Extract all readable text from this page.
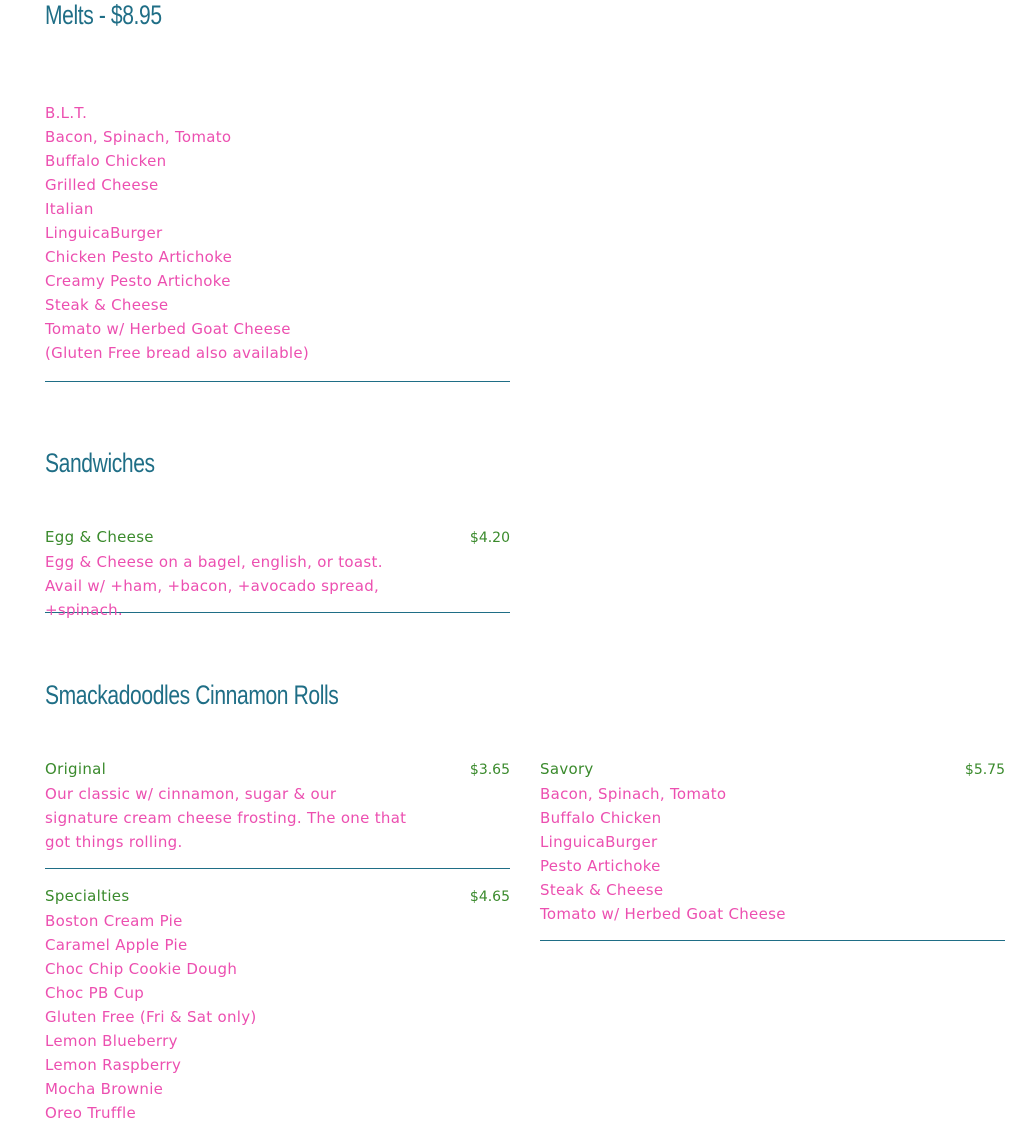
Melts - $8.95
B.L.T.
Bacon, Spinach, Tomato
Buffalo Chicken
Grilled Cheese
Italian
LinguicaBurger
Chicken Pesto Artichoke
Creamy Pesto Artichoke
Steak & Cheese
Tomato w/ Herbed Goat Cheese
(Gluten Free bread also available)
Sandwiches
Egg & Cheese	$4.20
Egg & Cheese on a bagel, english, or toast. Avail w/ +ham, +bacon, +avocado spread, +spinach.
Smackadoodles Cinnamon Rolls
Original	$3.65
Our classic w/ cinnamon, sugar & our signature cream cheese frosting. The one that got things rolling.
Specialties	$4.65
Boston Cream Pie
Caramel Apple Pie
Choc Chip Cookie Dough
Choc PB Cup
Gluten Free (Fri & Sat only)
Lemon Blueberry
Lemon Raspberry
Mocha Brownie
Oreo Truffle
Savory	$5.75
Bacon, Spinach, Tomato
Buffalo Chicken
LinguicaBurger
Pesto Artichoke
Steak & Cheese
Tomato w/ Herbed Goat Cheese
